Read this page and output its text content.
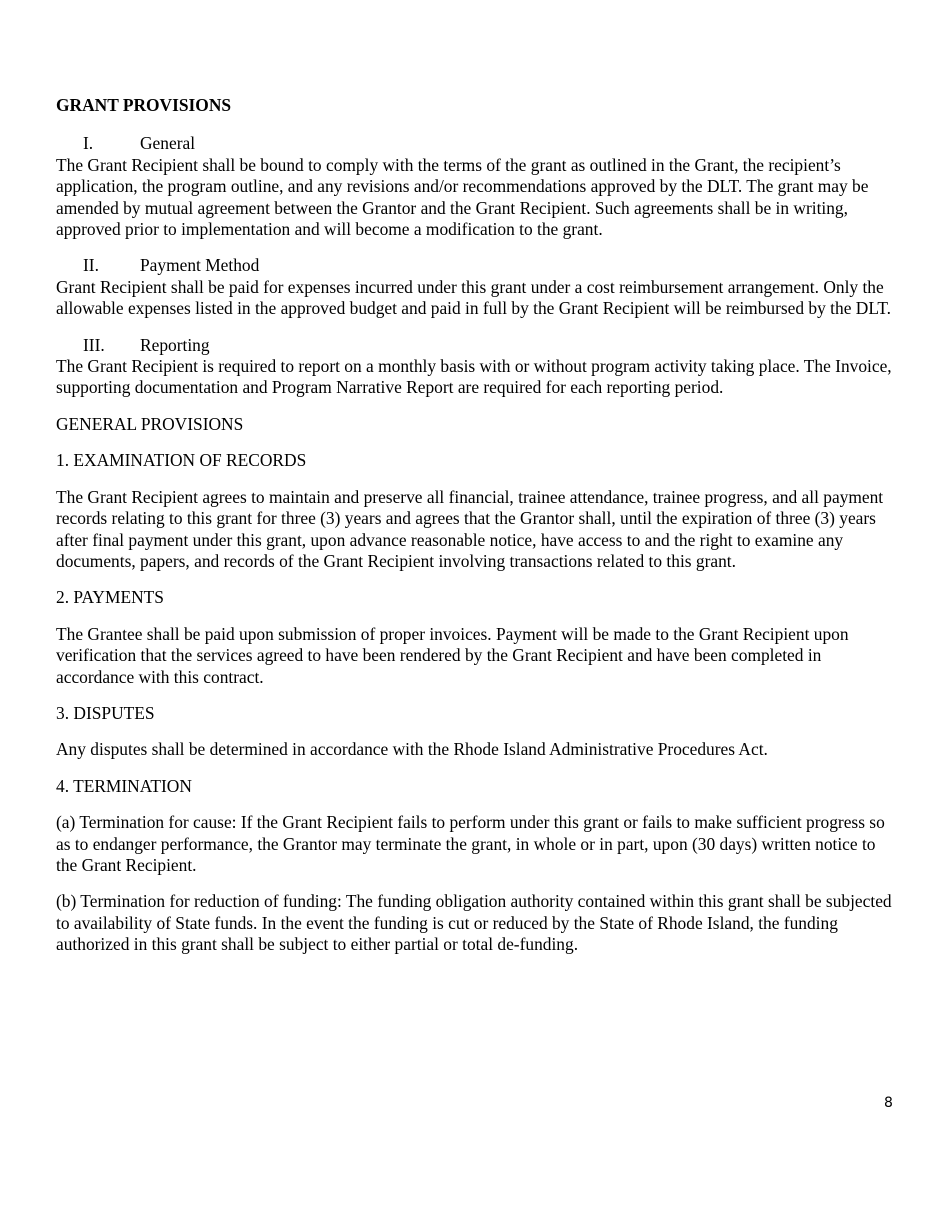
GRANT PROVISIONS
I.	General

The Grant Recipient shall be bound to comply with the terms of the grant as outlined in the Grant, the recipient’s application, the program outline, and any revisions and/or recommendations approved by the DLT. The grant may be amended by mutual agreement between the Grantor and the Grant Recipient. Such agreements shall be in writing, approved prior to implementation and will become a modification to the grant.

II.	Payment Method

Grant Recipient shall be paid for expenses incurred under this grant under a cost reimbursement arrangement. Only the allowable expenses listed in the approved budget and paid in full by the Grant Recipient will be reimbursed by the DLT.

III.	Reporting

The Grant Recipient is required to report on a monthly basis with or without program activity taking place. The Invoice, supporting documentation and Program Narrative Report are required for each reporting period.

GENERAL PROVISIONS

1. EXAMINATION OF RECORDS

The Grant Recipient agrees to maintain and preserve all financial, trainee attendance, trainee progress, and all payment records relating to this grant for three (3) years and agrees that the Grantor shall, until the expiration of three (3) years after final payment under this grant, upon advance reasonable notice, have access to and the right to examine any documents, papers, and records of the Grant Recipient involving transactions related to this grant.

2. PAYMENTS

The Grantee shall be paid upon submission of proper invoices. Payment will be made to the Grant Recipient upon verification that the services agreed to have been rendered by the Grant Recipient and have been completed in accordance with this contract.

3. DISPUTES

Any disputes shall be determined in accordance with the Rhode Island Administrative Procedures Act.

4. TERMINATION

(a) Termination for cause: If the Grant Recipient fails to perform under this grant or fails to make sufficient progress so as to endanger performance, the Grantor may terminate the grant, in whole or in part, upon (30 days) written notice to the Grant Recipient.

(b) Termination for reduction of funding: The funding obligation authority contained within this grant shall be subjected to availability of State funds. In the event the funding is cut or reduced by the State of Rhode Island, the funding authorized in this grant shall be subject to either partial or total de-funding.

8
